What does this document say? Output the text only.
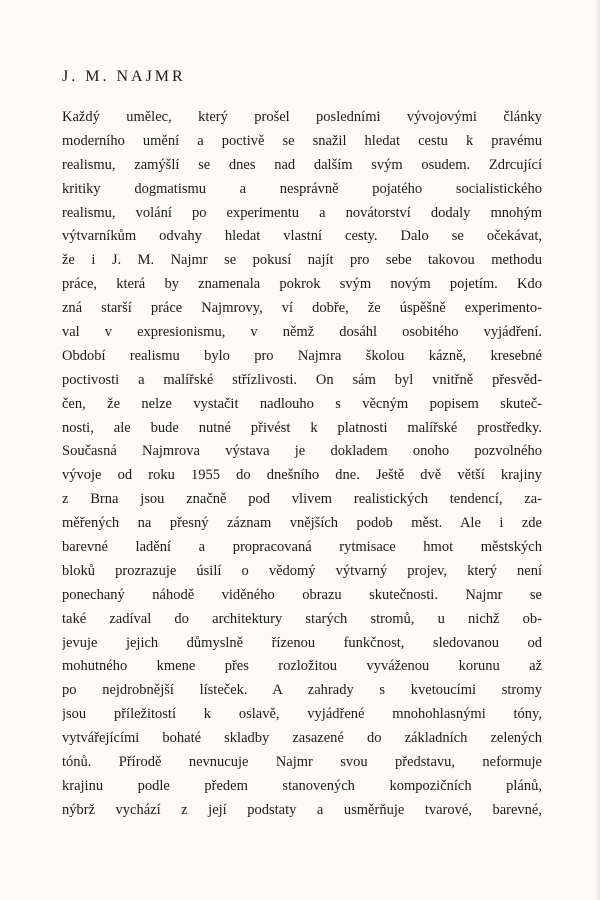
J. M. NAJMR
Každý umělec, který prošel posledními vývojovými články
moderního umění a poctivě se snažil hledat cestu k pravému
realismu, zamýšlí se dnes nad dalším svým osudem. Zdrcující
kritiky dogmatismu a nesprávně pojatého socialistického
realismu, volání po experimentu a novátorství dodaly mnohým
výtvarníkům odvahy hledat vlastní cesty. Dalo se očekávat,
že i J. M. Najmr se pokusí najít pro sebe takovou methodu
práce, která by znamenala pokrok svým novým pojetím. Kdo
zná starší práce Najmrovy, ví dobře, že úspěšně experimento-
val v expresionismu, v němž dosáhl osobitého vyjádření.
Období realismu bylo pro Najmra školou kázně, kresebné
poctivosti a malířské střízlivosti. On sám byl vnitřně přesvěd-
čen, že nelze vystačit nadlouho s věcným popisem skuteč-
nosti, ale bude nutné přivést k platnosti malířské prostředky.
Současná Najmrova výstava je dokladem onoho pozvolného
vývoje od roku 1955 do dnešního dne. Ještě dvě větší krajiny
z Brna jsou značně pod vlivem realistických tendencí, za-
měřených na přesný záznam vnějších podob měst. Ale i zde
barevné ladění a propracovaná rytmisace hmot městských
bloků prozrazuje úsilí o vědomý výtvarný projev, který není
ponechaný náhodě viděného obrazu skutečnosti. Najmr se
také zadíval do architektury starých stromů, u nichž ob-
jevuje jejich důmyslně řízenou funkčnost, sledovanou od
mohutného kmene přes rozložitou vyváženou korunu až
po nejdrobnější lísteček. A zahrady s kvetoucími stromy
jsou příležitostí k oslavě, vyjádřené mnohohlasnými tóny,
vytvářejícími bohaté skladby zasazené do základních zelených
tónů. Přírodě nevnucuje Najmr svou představu, neformuje
krajinu podle předem stanovených kompozičních plánů,
nýbrž vychází z její podstaty a usměrňuje tvarové, barevné,
